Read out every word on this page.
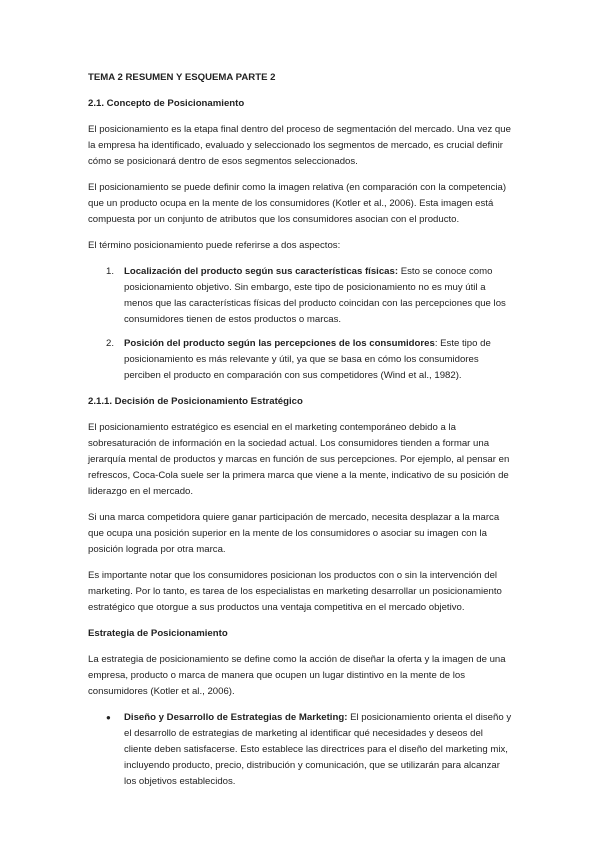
TEMA 2 RESUMEN Y ESQUEMA PARTE 2
2.1. Concepto de Posicionamiento

El posicionamiento es la etapa final dentro del proceso de segmentación del mercado. Una vez que la empresa ha identificado, evaluado y seleccionado los segmentos de mercado, es crucial definir cómo se posicionará dentro de esos segmentos seleccionados.

El posicionamiento se puede definir como la imagen relativa (en comparación con la competencia) que un producto ocupa en la mente de los consumidores (Kotler et al., 2006). Esta imagen está compuesta por un conjunto de atributos que los consumidores asocian con el producto.

El término posicionamiento puede referirse a dos aspectos:

1. Localización del producto según sus características físicas: Esto se conoce como posicionamiento objetivo. Sin embargo, este tipo de posicionamiento no es muy útil a menos que las características físicas del producto coincidan con las percepciones que los consumidores tienen de estos productos o marcas.
2. Posición del producto según las percepciones de los consumidores: Este tipo de posicionamiento es más relevante y útil, ya que se basa en cómo los consumidores perciben el producto en comparación con sus competidores (Wind et al., 1982).
2.1.1. Decisión de Posicionamiento Estratégico

El posicionamiento estratégico es esencial en el marketing contemporáneo debido a la sobresaturación de información en la sociedad actual. Los consumidores tienden a formar una jerarquía mental de productos y marcas en función de sus percepciones. Por ejemplo, al pensar en refrescos, Coca-Cola suele ser la primera marca que viene a la mente, indicativo de su posición de liderazgo en el mercado.

Si una marca competidora quiere ganar participación de mercado, necesita desplazar a la marca que ocupa una posición superior en la mente de los consumidores o asociar su imagen con la posición lograda por otra marca.

Es importante notar que los consumidores posicionan los productos con o sin la intervención del marketing. Por lo tanto, es tarea de los especialistas en marketing desarrollar un posicionamiento estratégico que otorgue a sus productos una ventaja competitiva en el mercado objetivo.

Estrategia de Posicionamiento

La estrategia de posicionamiento se define como la acción de diseñar la oferta y la imagen de una empresa, producto o marca de manera que ocupen un lugar distintivo en la mente de los consumidores (Kotler et al., 2006).

● Diseño y Desarrollo de Estrategias de Marketing: El posicionamiento orienta el diseño y el desarrollo de estrategias de marketing al identificar qué necesidades y deseos del cliente deben satisfacerse. Esto establece las directrices para el diseño del marketing mix, incluyendo producto, precio, distribución y comunicación, que se utilizarán para alcanzar los objetivos establecidos.
